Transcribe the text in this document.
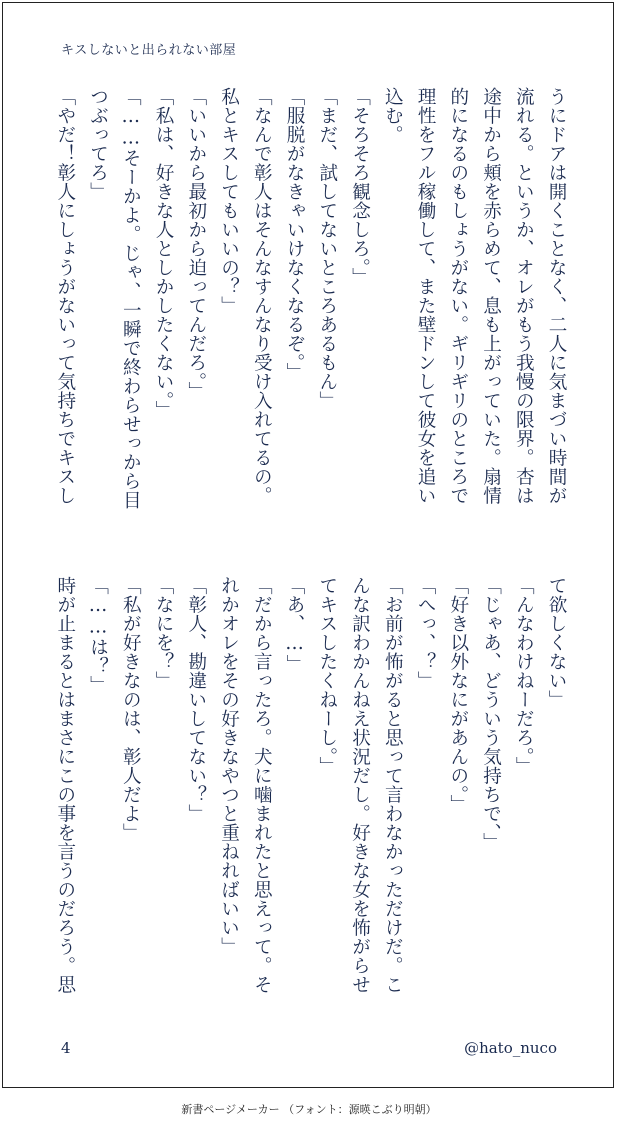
キスしないと出られない部屋
うにドアは開くことなく、二人に気まづい時間が
流れる。というか、オレがもう我慢の限界。杏は
途中から頬を赤らめて、息も上がっていた。扇情
的になるのもしょうがない。ギリギリのところで
理性をフル稼働して、また壁ドンして彼女を追い
込む。
「そろそろ観念しろ。」
「まだ、試してないところあるもん」
「服脱がなきゃいけなくなるぞ。」
「なんで彰人はそんなすんなり受け入れてるの。
私とキスしてもいいの？」
「いいから最初から迫ってんだろ。」
「私は、好きな人としかしたくない。」
「……そーかよ。じゃ、一瞬で終わらせっから目
つぶってろ」
「やだ！彰人にしょうがないって気持ちでキスし
て欲しくない」
「んなわけねーだろ。」
「じゃあ、どういう気持ちで、」
「好き以外なにがあんの。」
「へっ、？」
「お前が怖がると思って言わなかっただけだ。こ
んな訳わかんねえ状況だし。好きな女を怖がらせ
てキスしたくねーし。」
「あ、…」
「だから言ったろ。犬に噛まれたと思えって。そ
れかオレをその好きなやつと重ねればいい」
「彰人、勘違いしてない？」
「なにを？」
「私が好きなのは、彰人だよ」
「……は？」
時が止まるとはまさにこの事を言うのだろう。思
4	@hato_nuco
新書ページメーカー （フォント：源暎こぶり明朝）
